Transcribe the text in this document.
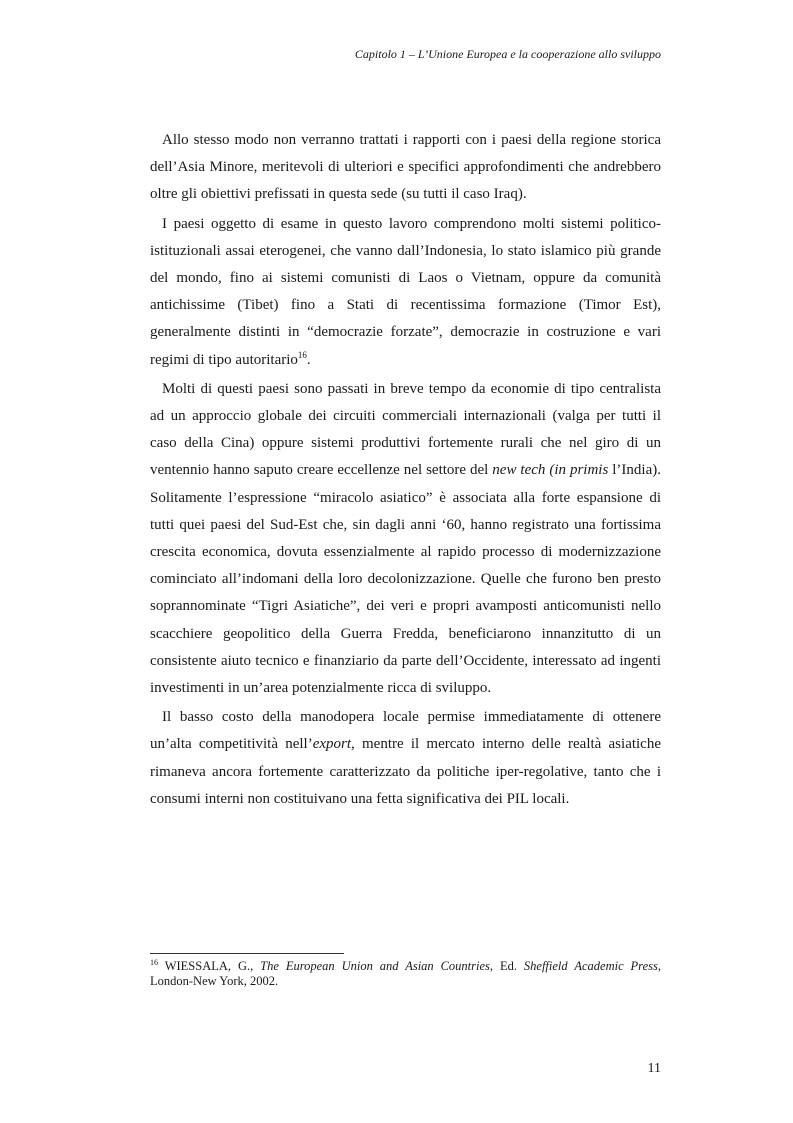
Capitolo 1 – L’Unione Europea e la cooperazione allo sviluppo

Allo stesso modo non verranno trattati i rapporti con i paesi della regione storica dell’Asia Minore, meritevoli di ulteriori e specifici approfondimenti che andrebbero oltre gli obiettivi prefissati in questa sede (su tutti il caso Iraq).

I paesi oggetto di esame in questo lavoro comprendono molti sistemi politico-istituzionali assai eterogenei, che vanno dall’Indonesia, lo stato islamico più grande del mondo, fino ai sistemi comunisti di Laos o Vietnam, oppure da comunità antichissime (Tibet) fino a Stati di recentissima formazione (Timor Est), generalmente distinti in “democrazie forzate”, democrazie in costruzione e vari regimi di tipo autoritario$^{16}$.

Molti di questi paesi sono passati in breve tempo da economie di tipo centralista ad un approccio globale dei circuiti commerciali internazionali (valga per tutti il caso della Cina) oppure sistemi produttivi fortemente rurali che nel giro di un ventennio hanno saputo creare eccellenze nel settore del new tech (in primis l’India). Solitamente l’espressione “miracolo asiatico” è associata alla forte espansione di tutti quei paesi del Sud-Est che, sin dagli anni ‘60, hanno registrato una fortissima crescita economica, dovuta essenzialmente al rapido processo di modernizzazione cominciato all’indomani della loro decolonizzazione. Quelle che furono ben presto soprannominate “Tigri Asiatiche”, dei veri e propri avamposti anticomunisti nello scacchiere geopolitico della Guerra Fredda, beneficiarono innanzitutto di un consistente aiuto tecnico e finanziario da parte dell’Occidente, interessato ad ingenti investimenti in un’area potenzialmente ricca di sviluppo.

Il basso costo della manodopera locale permise immediatamente di ottenere un’alta competitività nell’export, mentre il mercato interno delle realtà asiatiche rimaneva ancora fortemente caratterizzato da politiche iper-regolative, tanto che i consumi interni non costituivano una fetta significativa dei PIL locali.

$^{16}$ WIESSALA, G., The European Union and Asian Countries, Ed. Sheffield Academic Press, London-New York, 2002.
11
